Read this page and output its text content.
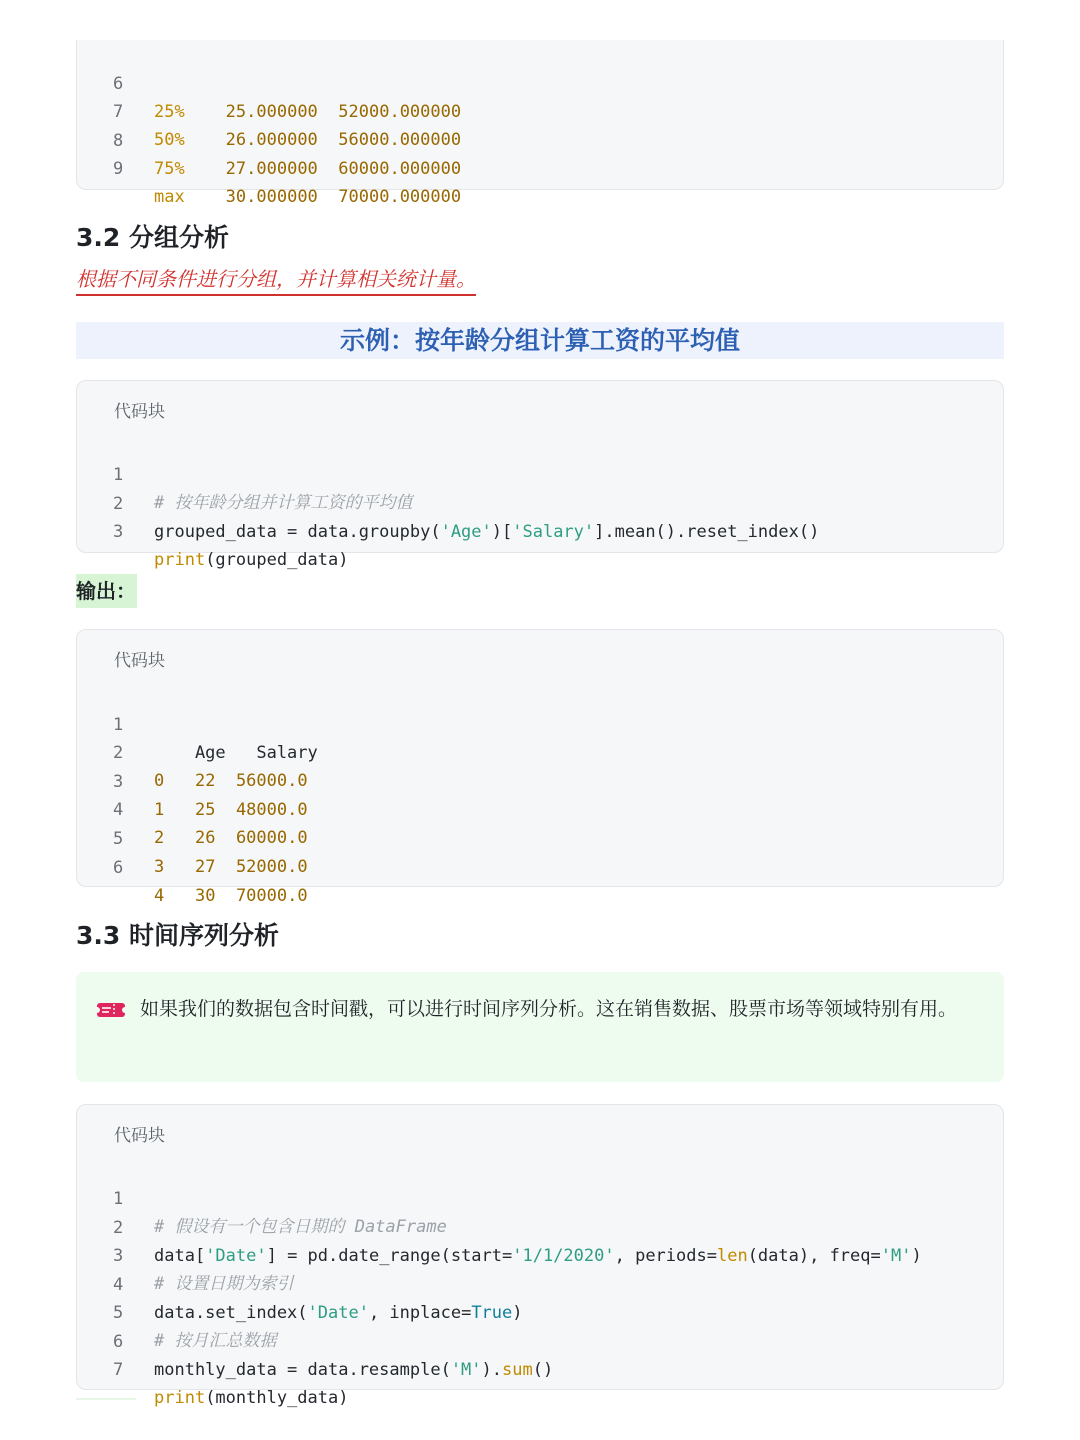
6

25% 25.000000 52000.000000

7

50% 26.000000 56000.000000

8

75% 27.000000 60000.000000

9

max 30.000000 70000.000000

3.2 分组分析
根据不同条件进行分组，并计算相关统计量。
示例：按年龄分组计算工资的平均值
代码块

1

# 按年龄分组并计算工资的平均值

2

grouped_data = data.groupby('Age')['Salary'].mean().reset_index()

3

print(grouped_data)

输出：
代码块

1

Age   Salary

2

0 22 56000.0

3

1 25 48000.0

4

2 26 60000.0

5

3 27 52000.0

6

4 30 70000.0

3.3 时间序列分析
如果我们的数据包含时间戳，可以进行时间序列分析。这在销售数据、股票市场等领域特别有用。
代码块

1

# 假设有一个包含日期的 DataFrame

2

data['Date'] = pd.date_range(start='1/1/2020', periods=len(data), freq='M')

3

# 设置日期为索引

4

data.set_index('Date', inplace=True)

5

# 按月汇总数据

6

monthly_data = data.resample('M').sum()

7

print(monthly_data)
